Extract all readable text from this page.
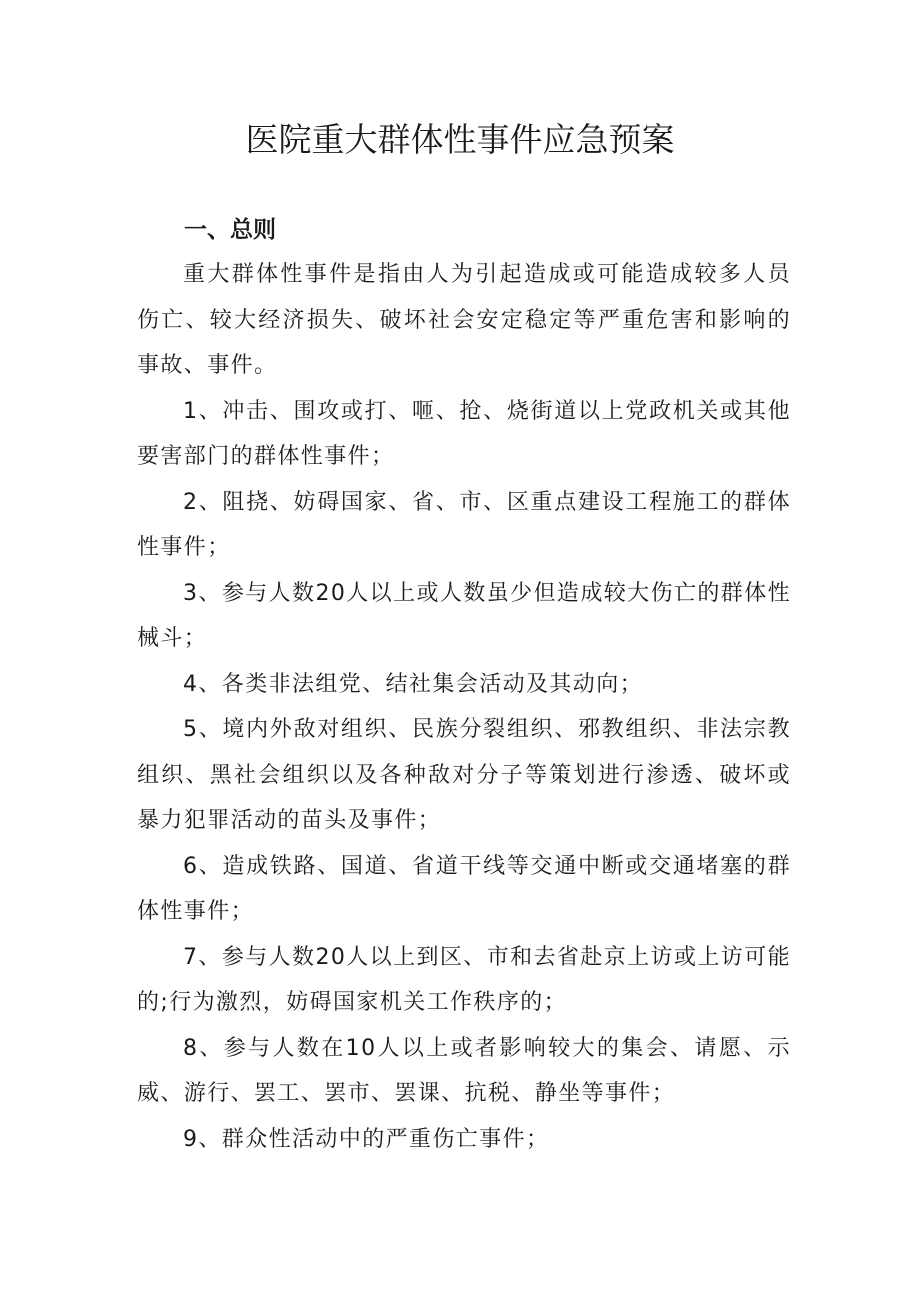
医院重大群体性事件应急预案
一、总则

重大群体性事件是指由人为引起造成或可能造成较多人员伤亡、较大经济损失、破坏社会安定稳定等严重危害和影响的事故、事件。

1、冲击、围攻或打、咂、抢、烧街道以上党政机关或其他要害部门的群体性事件；

2、阻挠、妨碍国家、省、市、区重点建设工程施工的群体性事件；

3、参与人数20人以上或人数虽少但造成较大伤亡的群体性械斗；

4、各类非法组党、结社集会活动及其动向；

5、境内外敌对组织、民族分裂组织、邪教组织、非法宗教组织、黑社会组织以及各种敌对分子等策划进行渗透、破坏或暴力犯罪活动的苗头及事件；

6、造成铁路、国道、省道干线等交通中断或交通堵塞的群体性事件；

7、参与人数20人以上到区、市和去省赴京上访或上访可能的;行为激烈，妨碍国家机关工作秩序的；

8、参与人数在10人以上或者影响较大的集会、请愿、示威、游行、罢工、罢市、罢课、抗税、静坐等事件；

9、群众性活动中的严重伤亡事件；
